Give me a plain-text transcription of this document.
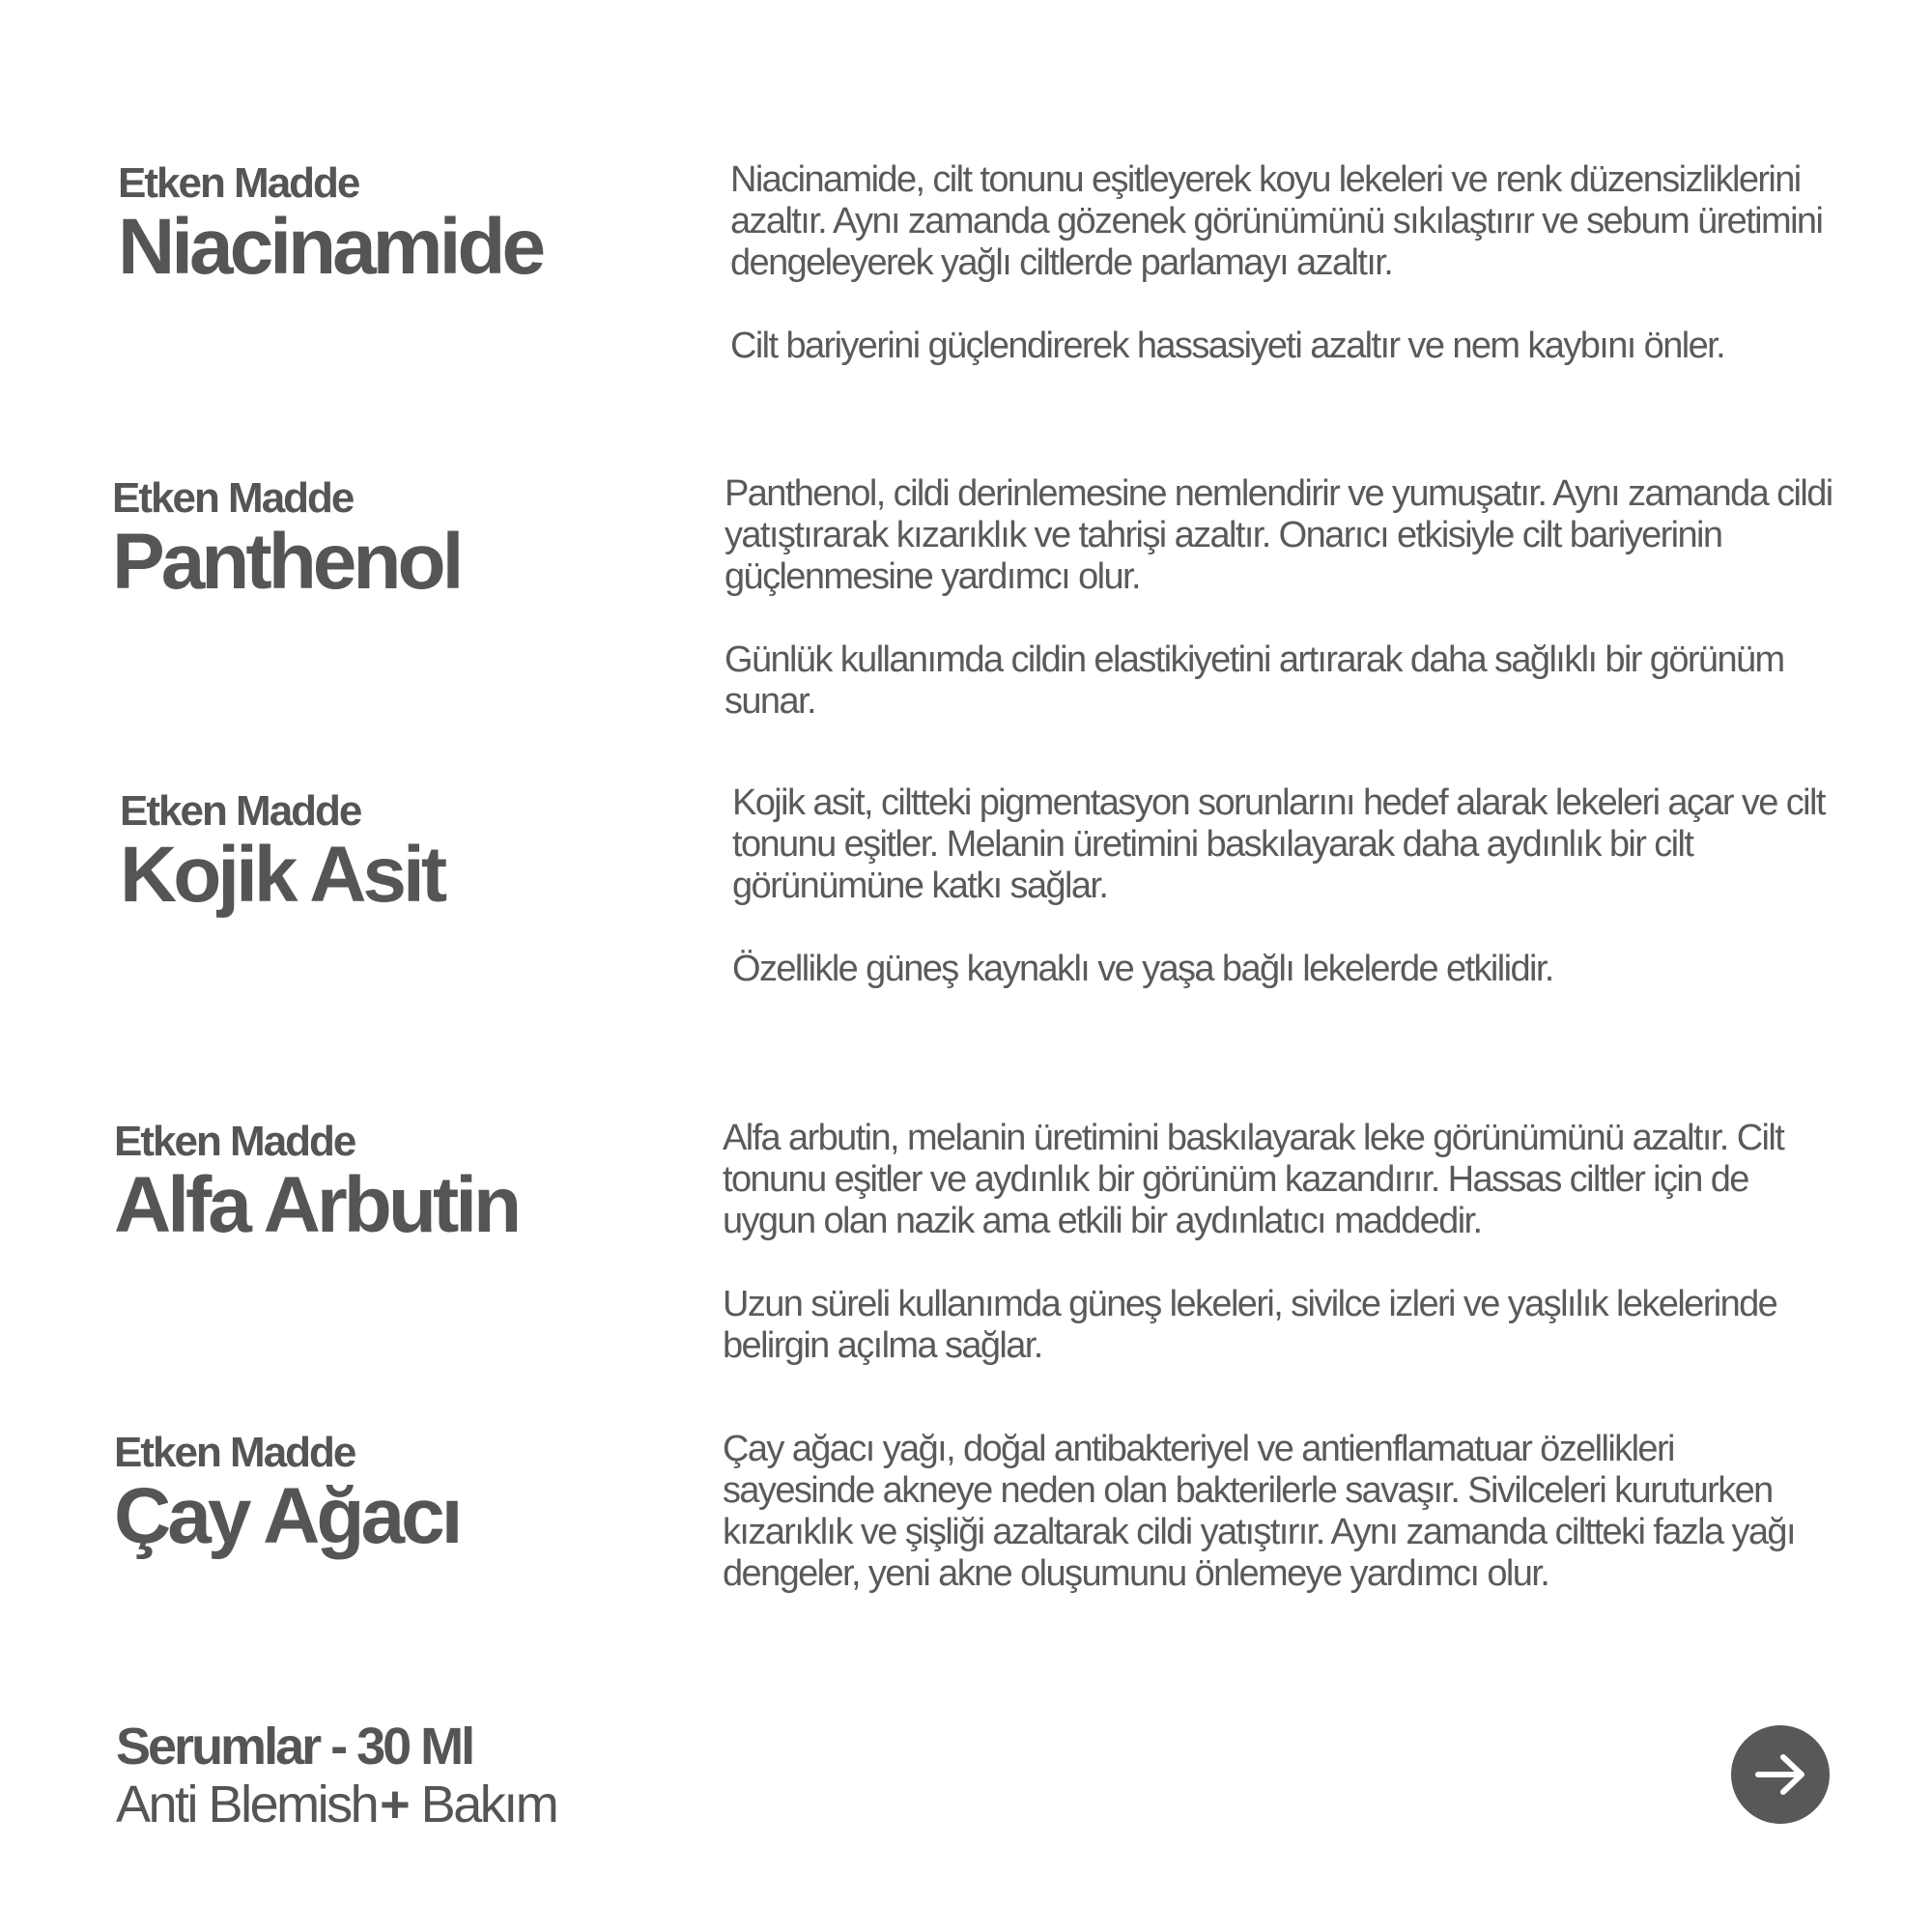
Etken Madde

Niacinamide

Niacinamide, cilt tonunu eşitleyerek koyu lekeleri ve renk düzensizliklerini azaltır. Aynı zamanda gözenek görünümünü sıkılaştırır ve sebum üretimini dengeleyerek yağlı ciltlerde parlamayı azaltır.

Cilt bariyerini güçlendirerek hassasiyeti azaltır ve nem kaybını önler.

Etken Madde

Panthenol

Panthenol, cildi derinlemesine nemlendirir ve yumuşatır. Aynı zamanda cildi yatıştırarak kızarıklık ve tahrişi azaltır. Onarıcı etkisiyle cilt bariyerinin güçlenmesine yardımcı olur.

Günlük kullanımda cildin elastikiyetini artırarak daha sağlıklı bir görünüm sunar.

Etken Madde

Kojik Asit

Kojik asit, ciltteki pigmentasyon sorunlarını hedef alarak lekeleri açar ve cilt tonunu eşitler. Melanin üretimini baskılayarak daha aydınlık bir cilt görünümüne katkı sağlar.

Özellikle güneş kaynaklı ve yaşa bağlı lekelerde etkilidir.

Etken Madde

Alfa Arbutin

Alfa arbutin, melanin üretimini baskılayarak leke görünümünü azaltır. Cilt tonunu eşitler ve aydınlık bir görünüm kazandırır. Hassas ciltler için de uygun olan nazik ama etkili bir aydınlatıcı maddedir.

Uzun süreli kullanımda güneş lekeleri, sivilce izleri ve yaşlılık lekelerinde belirgin açılma sağlar.

Etken Madde

Çay Ağacı

Çay ağacı yağı, doğal antibakteriyel ve antienflamatuar özellikleri sayesinde akneye neden olan bakterilerle savaşır. Sivilceleri kuruturken kızarıklık ve şişliği azaltarak cildi yatıştırır. Aynı zamanda ciltteki fazla yağı dengeler, yeni akne oluşumunu önlemeye yardımcı olur.

Serumlar - 30 Ml

Anti Blemish+ Bakım
